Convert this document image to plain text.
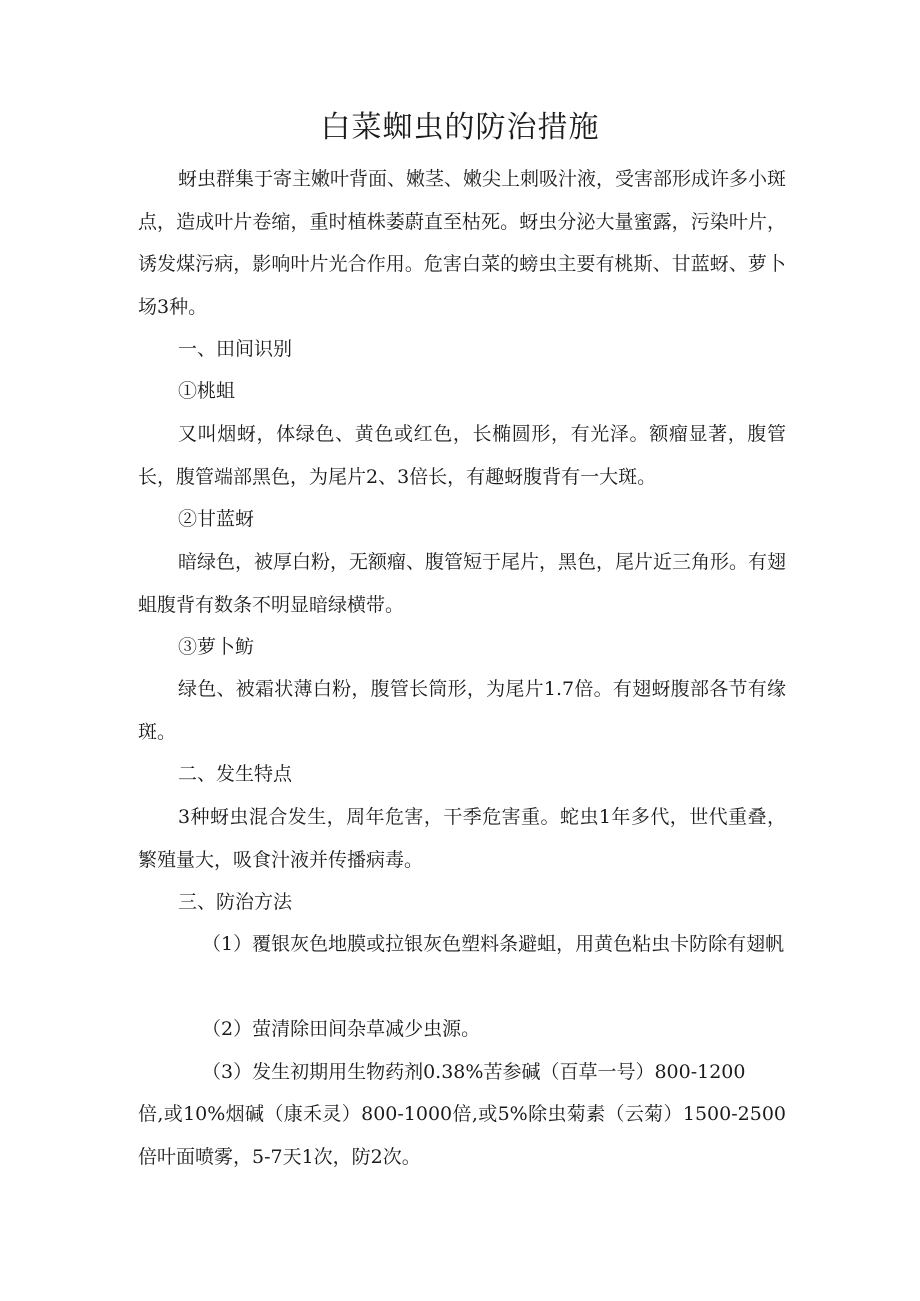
白菜蜘虫的防治措施

蚜虫群集于寄主嫩叶背面、嫩茎、嫩尖上刺吸汁液，受害部形成许多小斑点，造成叶片卷缩，重时植株萎蔚直至枯死。蚜虫分泌大量蜜露，污染叶片，诱发煤污病，影响叶片光合作用。危害白菜的螃虫主要有桃斯、甘蓝蚜、萝卜场3种。

一、田间识别

①桃蛆

又叫烟蚜，体绿色、黄色或红色，长椭圆形，有光泽。额瘤显著，腹管长，腹管端部黑色，为尾片2、3倍长，有趣蚜腹背有一大斑。

②甘蓝蚜

暗绿色，被厚白粉，无额瘤、腹管短于尾片，黑色，尾片近三角形。有翅蛆腹背有数条不明显暗绿横带。

③萝卜鲂

绿色、被霜状薄白粉，腹管长筒形，为尾片1.7倍。有翅蚜腹部各节有缘斑。

二、发生特点

3种蚜虫混合发生，周年危害，干季危害重。蛇虫1年多代，世代重叠，繁殖量大，吸食汁液并传播病毒。

三、防治方法

（1）覆银灰色地膜或拉银灰色塑料条避蛆，用黄色粘虫卡防除有翅帆

（2）萤清除田间杂草减少虫源。

（3）发生初期用生物药剂0.38%苦参碱（百草一号）800-1200

倍,或10%烟碱（康禾灵）800-1000倍,或5%除虫菊素（云菊）1500-2500倍叶面喷雾，5-7天1次，防2次。
